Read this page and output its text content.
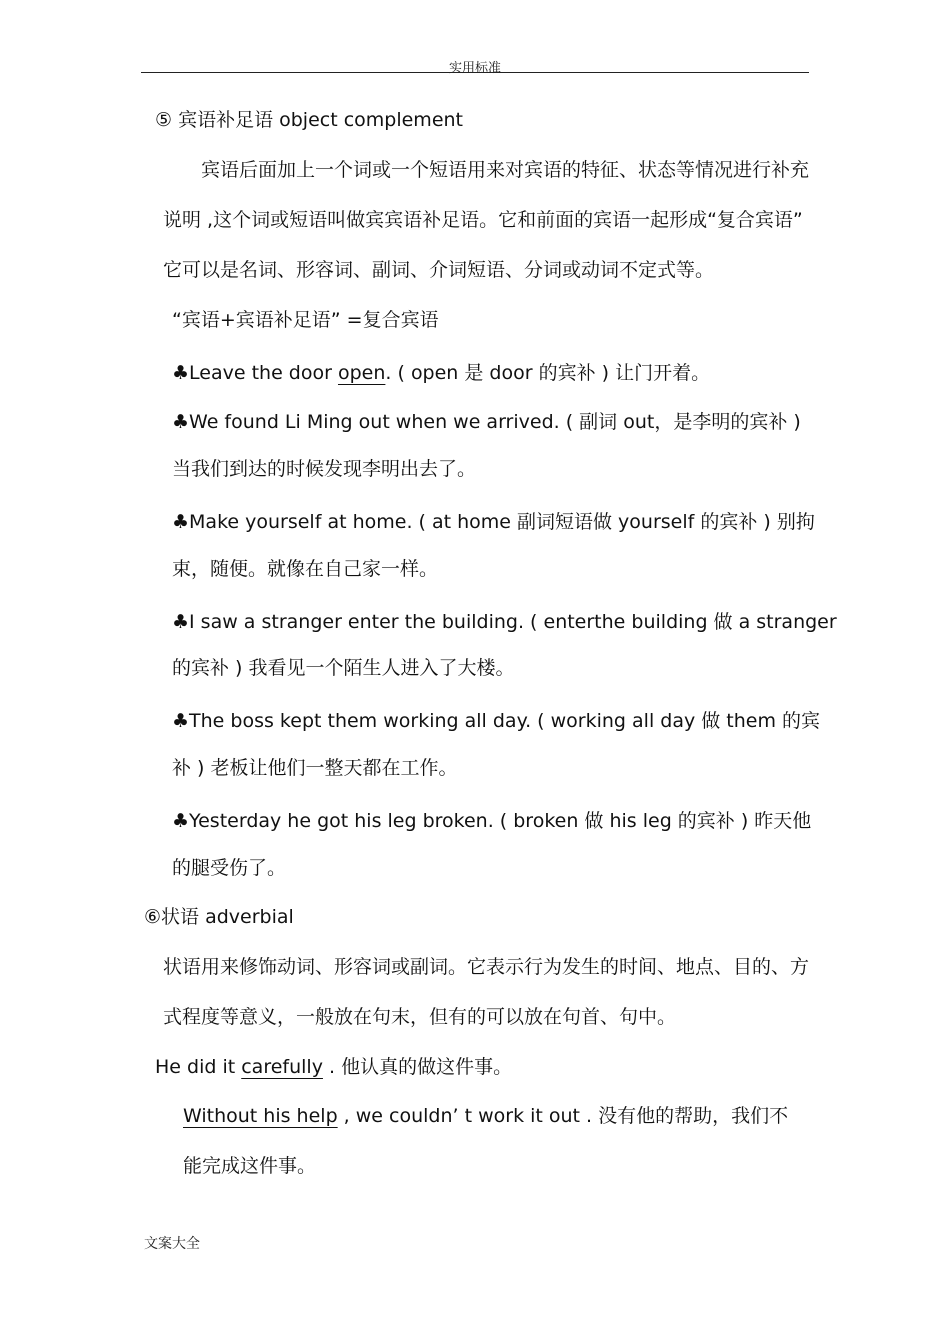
实用标准
⑤ 宾语补足语 object complement
宾语后面加上一个词或一个短语用来对宾语的特征、状态等情况进行补充
说明 ,这个词或短语叫做宾宾语补足语。它和前面的宾语一起形成“复合宾语”
它可以是名词、形容词、副词、介词短语、分词或动词不定式等。
“宾语+宾语补足语” =复合宾语
♣Leave the door open. ( open 是 door 的宾补 ) 让门开着。
♣We found Li Ming out when we arrived. ( 副词 out，是李明的宾补 )
当我们到达的时候发现李明出去了。
♣Make yourself at home. ( at home 副词短语做 yourself 的宾补 ) 别拘
束，随便。就像在自己家一样。
♣I saw a stranger enter the building. ( enterthe building 做 a stranger
的宾补 ) 我看见一个陌生人进入了大楼。
♣The boss kept them working all day. ( working all day 做 them 的宾
补 ) 老板让他们一整天都在工作。
♣Yesterday he got his leg broken. ( broken 做 his leg 的宾补 ) 昨天他
的腿受伤了。
⑥状语 adverbial
状语用来修饰动词、形容词或副词。它表示行为发生的时间、地点、目的、方
式程度等意义，一般放在句末，但有的可以放在句首、句中。
He did it carefully . 他认真的做这件事。
Without his help , we couldn’ t work it out . 没有他的帮助，我们不
能完成这件事。
文案大全
